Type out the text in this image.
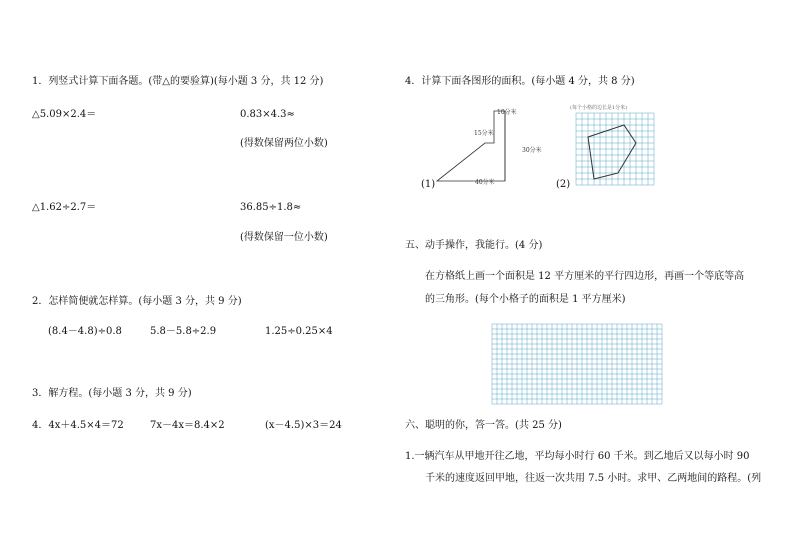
1．列竖式计算下面各题。(带△的要验算)(每小题 3 分，共 12 分)
△5.09×2.4＝	0.83×4.3≈
(得数保留两位小数)
△1.62÷2.7＝	36.85÷1.8≈
(得数保留一位小数)
2．怎样简便就怎样算。(每小题 3 分，共 9 分)
(8.4－4.8)÷0.8	5.8－5.8÷2.9	1.25÷0.25×4
3．解方程。(每小题 3 分，共 9 分)
4．4x＋4.5×4＝72	7x－4x＝8.4×2	(x－4.5)×3＝24
4．计算下面各图形的面积。(每小题 4 分，共 8 分)
10分米
15分米
30分米
40分米
(1)
(每个小格的边长是1分米)
(2)
五、动手操作，我能行。(4 分)
在方格纸上画一个面积是 12 平方厘米的平行四边形，再画一个等底等高
的三角形。(每个小格子的面积是 1 平方厘米)
六、聪明的你，答一答。(共 25 分)
1.一辆汽车从甲地开往乙地，平均每小时行 60 千米。到乙地后又以每小时 90
千米的速度返回甲地，往返一次共用 7.5 小时。求甲、乙两地间的路程。(列
